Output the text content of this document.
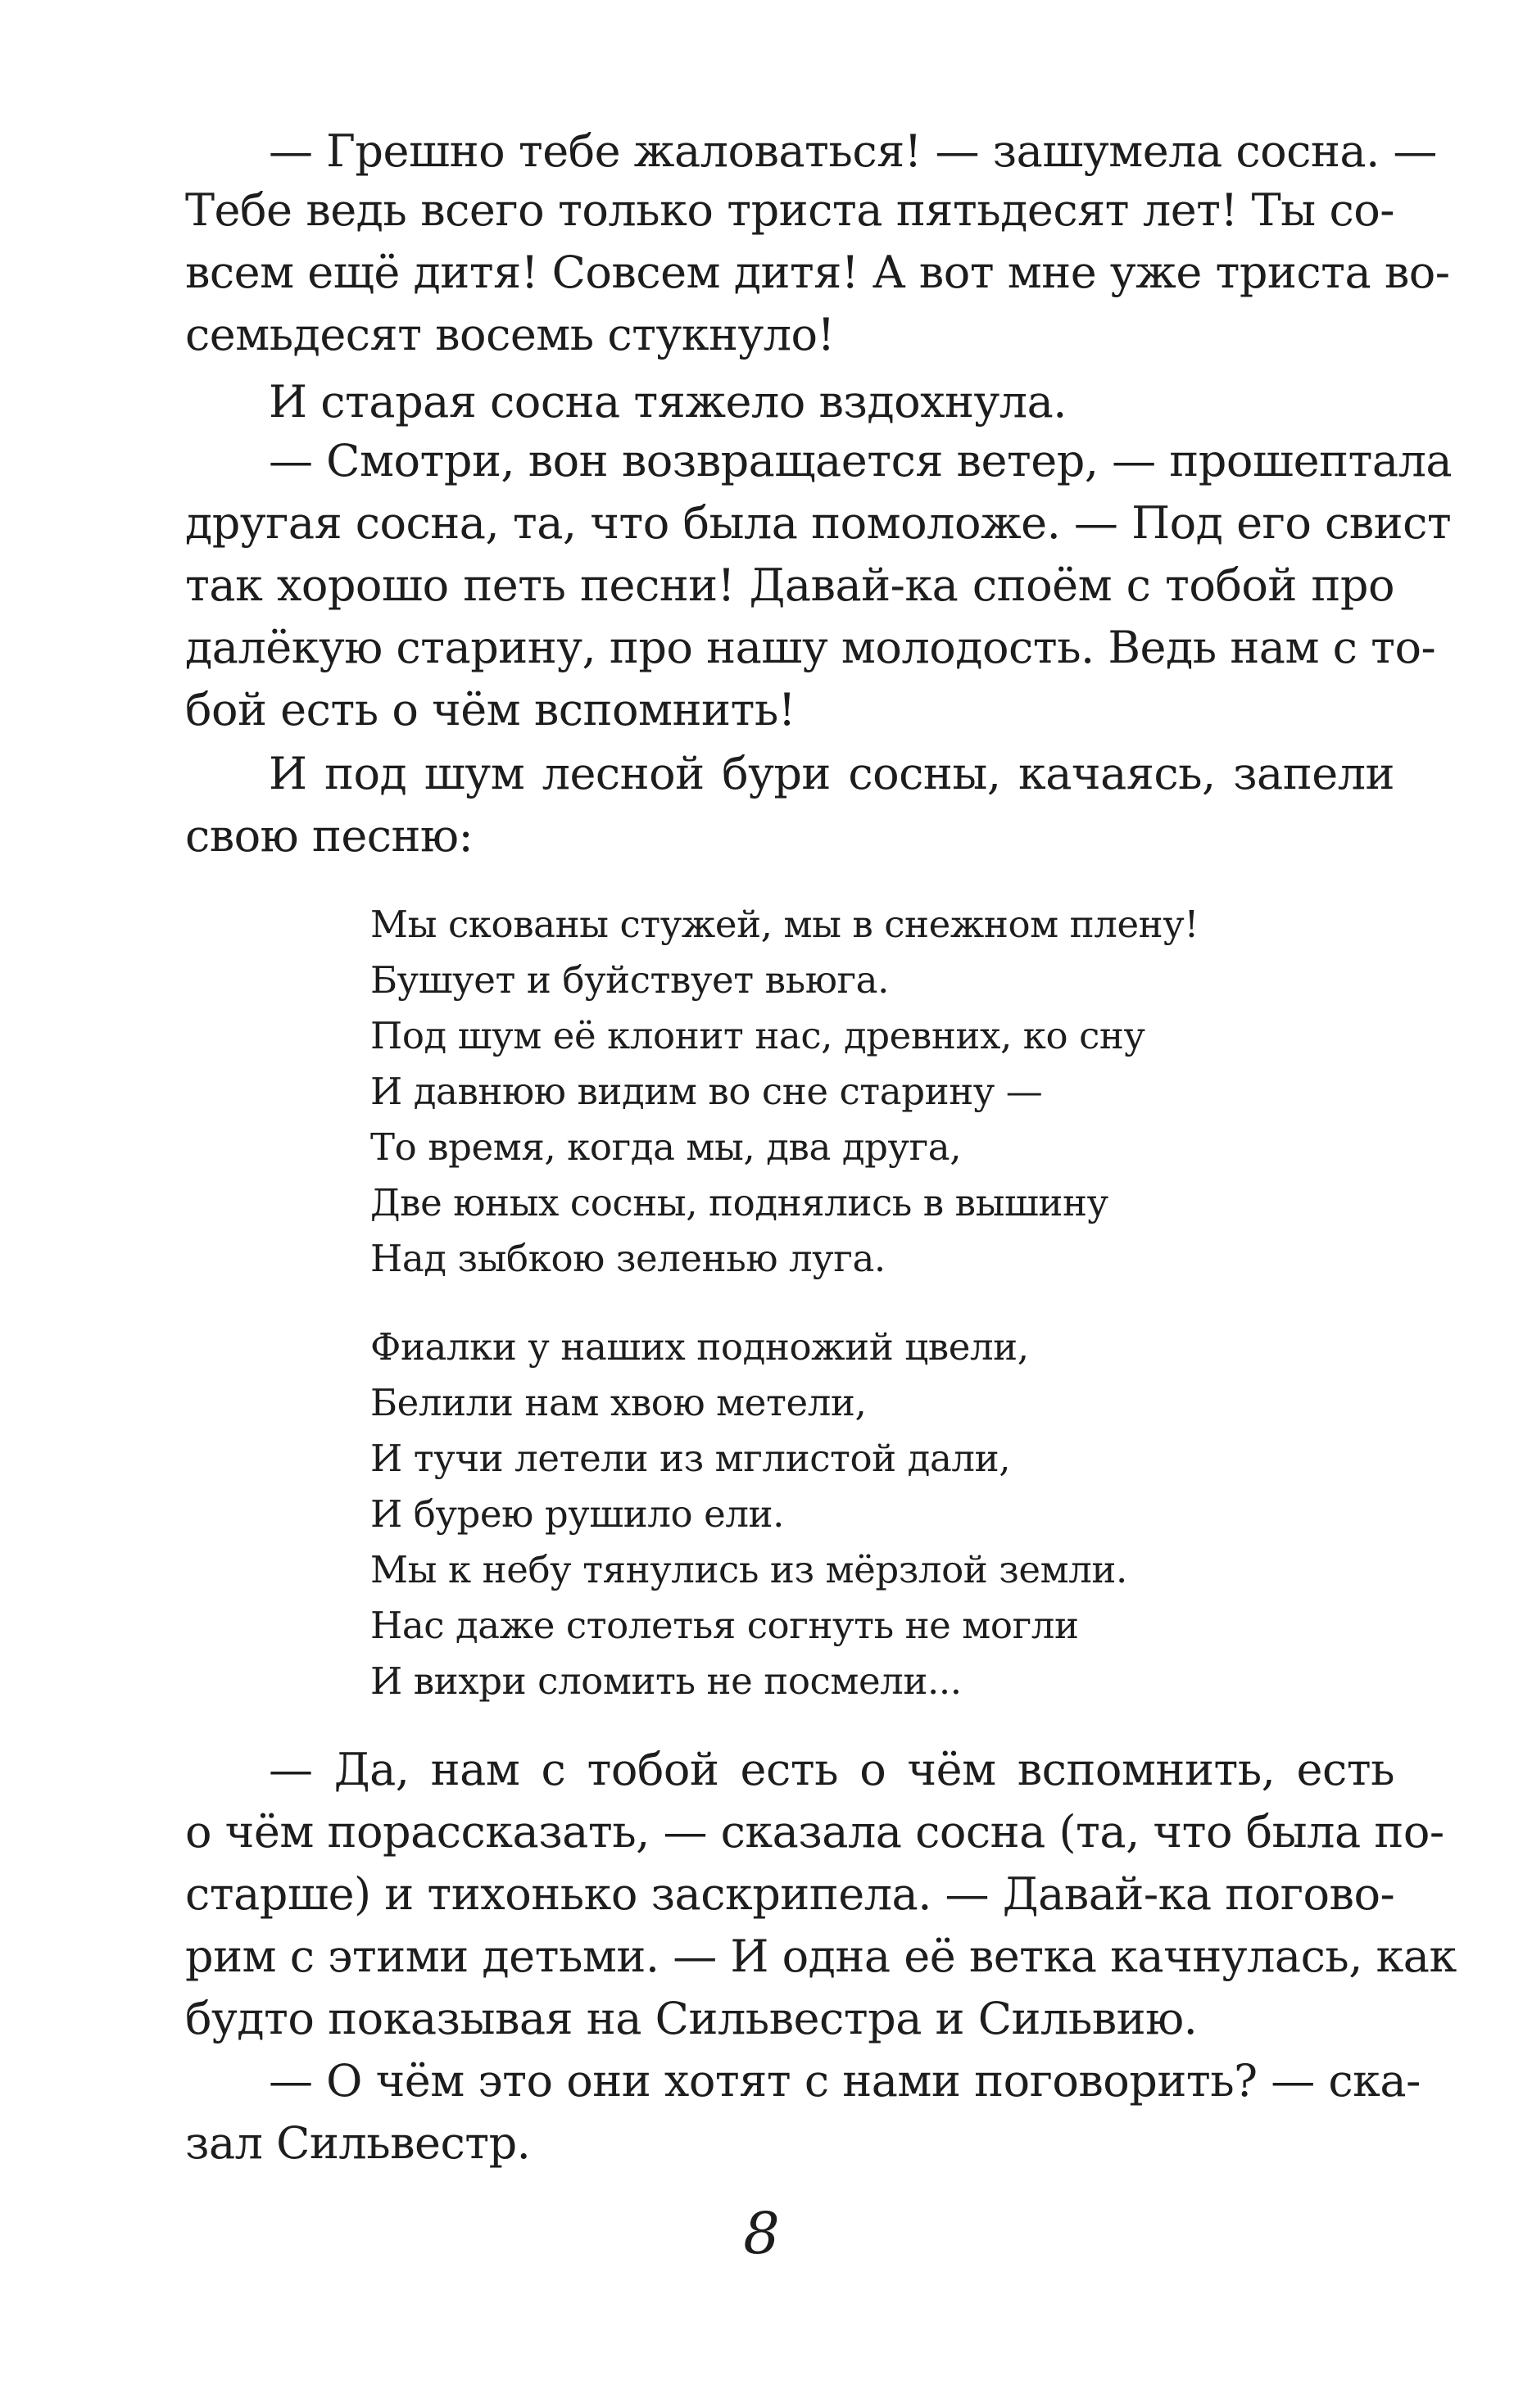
— Грешно тебе жаловаться! — зашумела сосна. —
Тебе ведь всего только триста пятьдесят лет! Ты со-
всем ещё дитя! Совсем дитя! А вот мне уже триста во-
семьдесят восемь стукнуло!
И старая сосна тяжело вздохнула.
— Смотри, вон возвращается ветер, — прошептала
другая сосна, та, что была помоложе. — Под его свист
так хорошо петь песни! Давай-ка споём с тобой про
далёкую старину, про нашу молодость. Ведь нам с то-
бой есть о чём вспомнить!
И под шум лесной бури сосны, качаясь, запели
свою песню:
Мы скованы стужей, мы в снежном плену!
Бушует и буйствует вьюга.
Под шум её клонит нас, древних, ко сну
И давнюю видим во сне старину —
То время, когда мы, два друга,
Две юных сосны, поднялись в вышину
Над зыбкою зеленью луга.
Фиалки у наших подножий цвели,
Белили нам хвою метели,
И тучи летели из мглистой дали,
И бурею рушило ели.
Мы к небу тянулись из мёрзлой земли.
Нас даже столетья согнуть не могли
И вихри сломить не посмели...
— Да, нам с тобой есть о чём вспомнить, есть
о чём порассказать, — сказала сосна (та, что была по-
старше) и тихонько заскрипела. — Давай-ка погово-
рим с этими детьми. — И одна её ветка качнулась, как
будто показывая на Сильвестра и Сильвию.
— О чём это они хотят с нами поговорить? — ска-
зал Сильвестр.
8
